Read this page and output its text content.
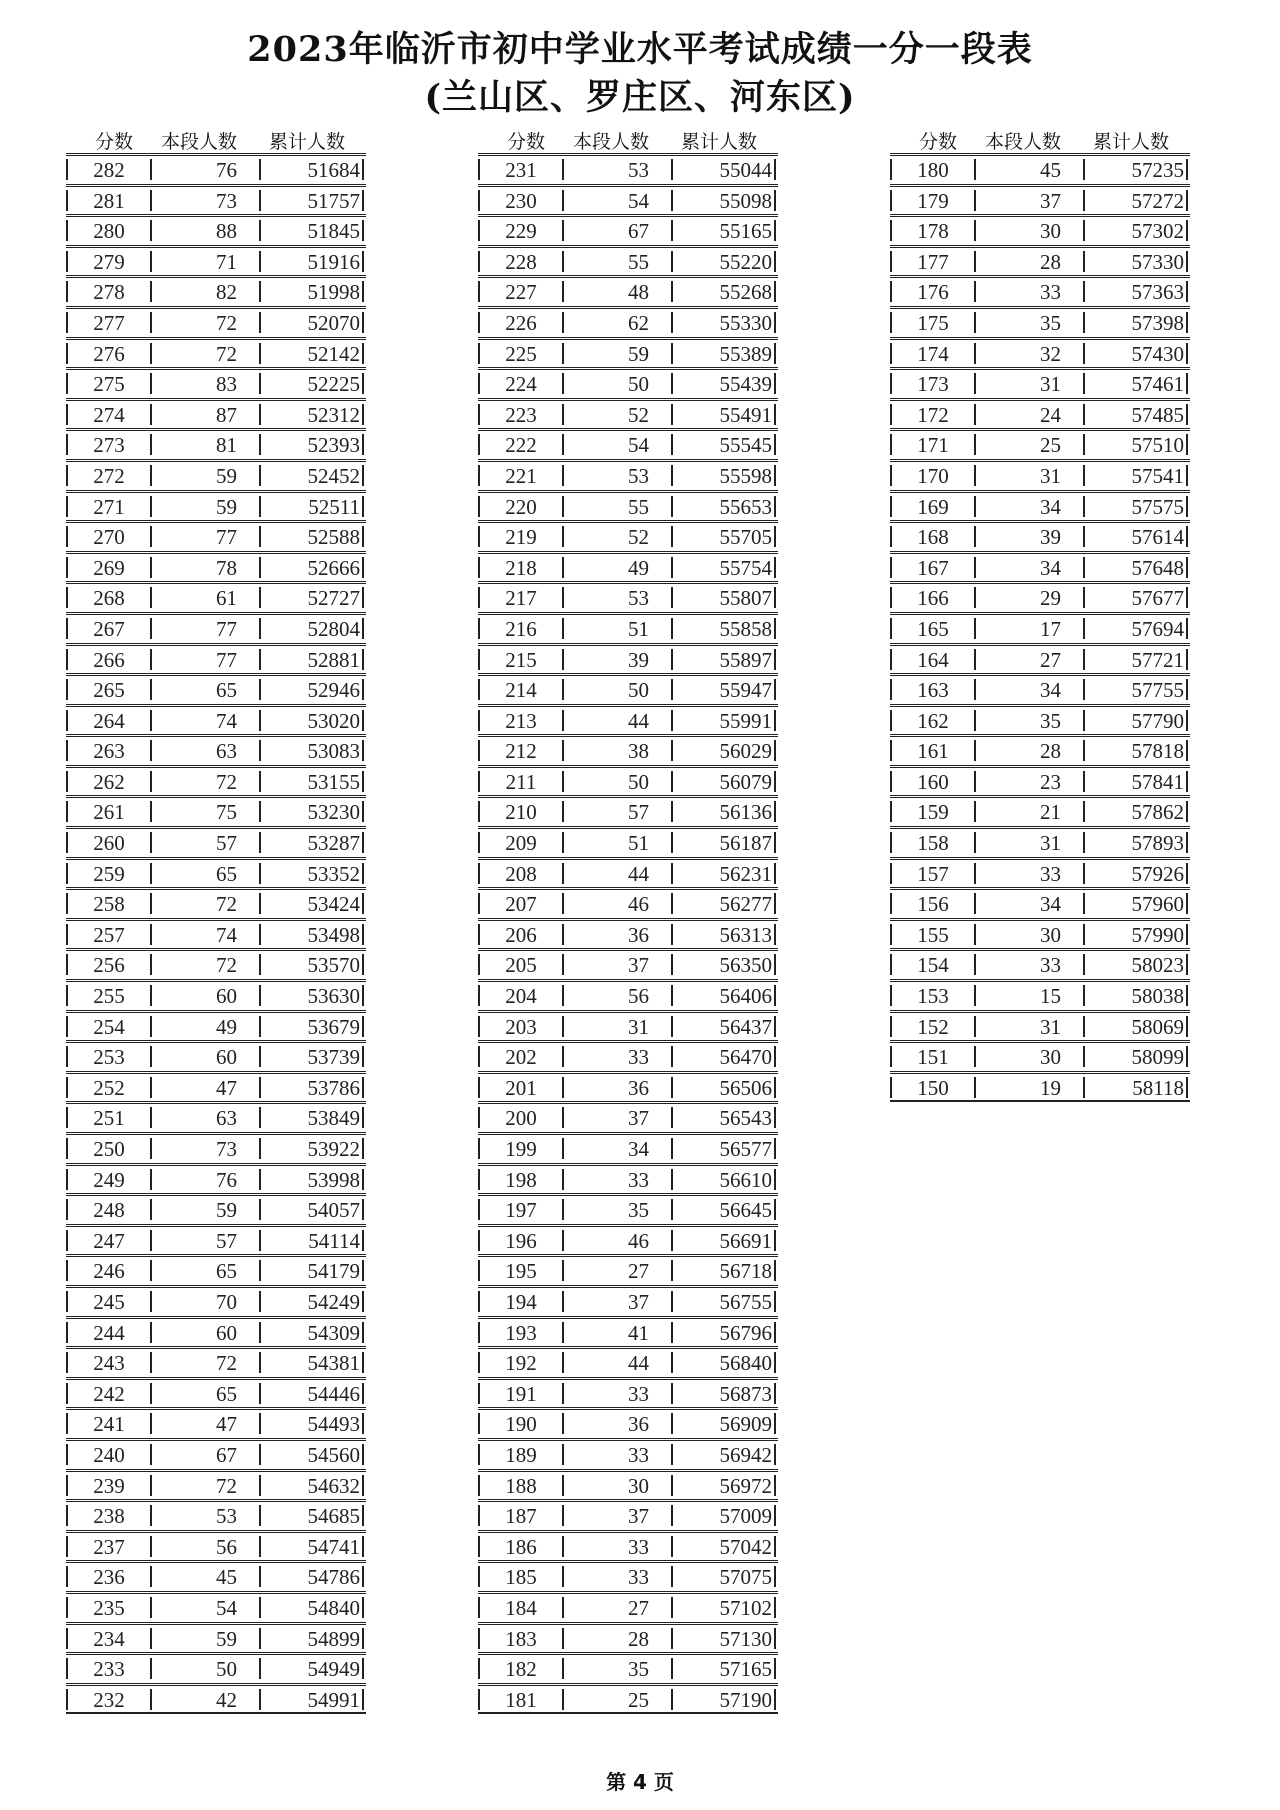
2023年临沂市初中学业水平考试成绩一分一段表
(兰山区、罗庄区、河东区)
分数 本段人数 累计人数
282	76	51684
281	73	51757
280	88	51845
279	71	51916
278	82	51998
277	72	52070
276	72	52142
275	83	52225
274	87	52312
273	81	52393
272	59	52452
271	59	52511
270	77	52588
269	78	52666
268	61	52727
267	77	52804
266	77	52881
265	65	52946
264	74	53020
263	63	53083
262	72	53155
261	75	53230
260	57	53287
259	65	53352
258	72	53424
257	74	53498
256	72	53570
255	60	53630
254	49	53679
253	60	53739
252	47	53786
251	63	53849
250	73	53922
249	76	53998
248	59	54057
247	57	54114
246	65	54179
245	70	54249
244	60	54309
243	72	54381
242	65	54446
241	47	54493
240	67	54560
239	72	54632
238	53	54685
237	56	54741
236	45	54786
235	54	54840
234	59	54899
233	50	54949
232	42	54991
分数 本段人数 累计人数
231	53	55044
230	54	55098
229	67	55165
228	55	55220
227	48	55268
226	62	55330
225	59	55389
224	50	55439
223	52	55491
222	54	55545
221	53	55598
220	55	55653
219	52	55705
218	49	55754
217	53	55807
216	51	55858
215	39	55897
214	50	55947
213	44	55991
212	38	56029
211	50	56079
210	57	56136
209	51	56187
208	44	56231
207	46	56277
206	36	56313
205	37	56350
204	56	56406
203	31	56437
202	33	56470
201	36	56506
200	37	56543
199	34	56577
198	33	56610
197	35	56645
196	46	56691
195	27	56718
194	37	56755
193	41	56796
192	44	56840
191	33	56873
190	36	56909
189	33	56942
188	30	56972
187	37	57009
186	33	57042
185	33	57075
184	27	57102
183	28	57130
182	35	57165
181	25	57190
分数 本段人数 累计人数
180	45	57235
179	37	57272
178	30	57302
177	28	57330
176	33	57363
175	35	57398
174	32	57430
173	31	57461
172	24	57485
171	25	57510
170	31	57541
169	34	57575
168	39	57614
167	34	57648
166	29	57677
165	17	57694
164	27	57721
163	34	57755
162	35	57790
161	28	57818
160	23	57841
159	21	57862
158	31	57893
157	33	57926
156	34	57960
155	30	57990
154	33	58023
153	15	58038
152	31	58069
151	30	58099
150	19	58118
第 4 页
